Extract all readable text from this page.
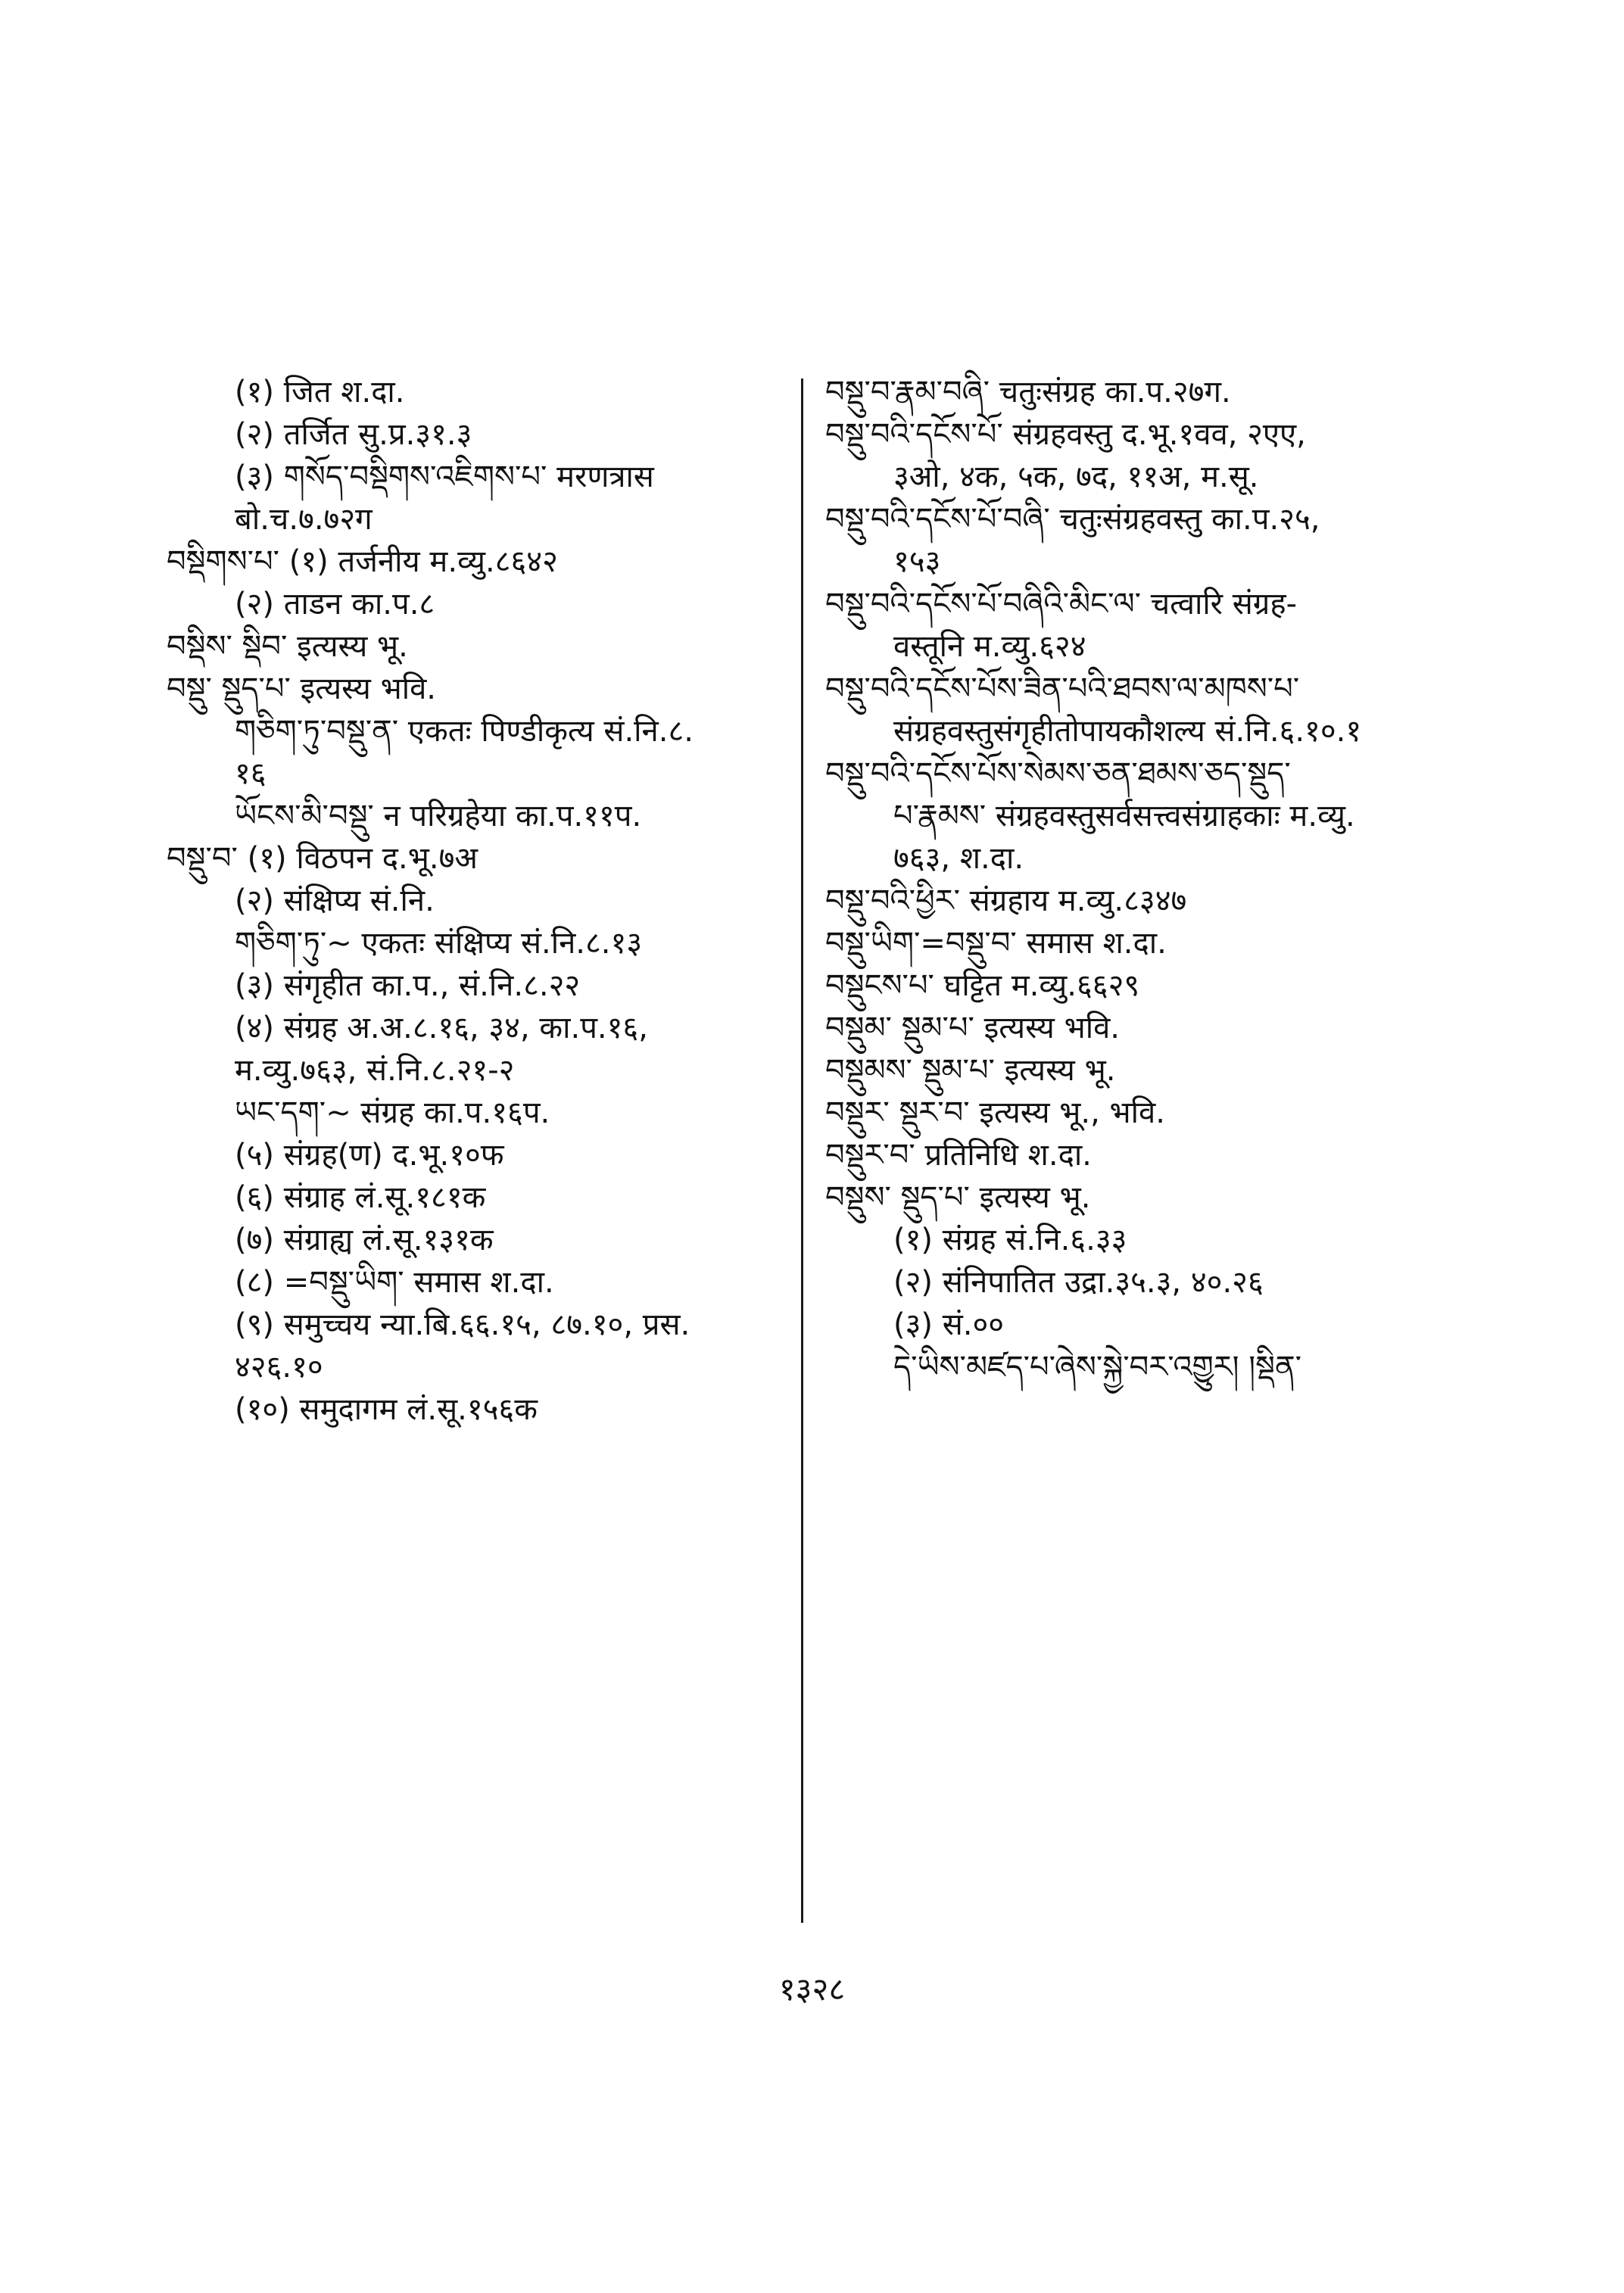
(१) जित श.दा.
(२) तर्जित सु.प्र.३१.३
(३) གསོད་བསྡིགས་འཇིགས་པ་ मरणत्रास
बो.च.७.७२ग
བསྡིགས་པ་ (१) तर्जनीय म.व्यु.८६४२
(२) ताडन का.प.८
བསྡིས་ སྡིབ་ इत्यस्य भू.
བསྡུ་ སྡུད་པ་ इत्यस्य भवि.
གཅིག་ཏུ་བསྡུ་ན་ एकतः पिण्डीकृत्य सं.नि.८.
१६
ཡོངས་མི་བསྡུ་ न परिग्रहेया का.प.११प.
བསྡུ་བ་ (१) विठपन द.भू.७अ
(२) संक्षिप्य सं.नि.
གཅིག་ཏུ་~ एकतः संक्षिप्य सं.नि.८.१३
(३) संगृहीत का.प., सं.नि.८.२२
(४) संग्रह अ.अ.८.१६, ३४, का.प.१६,
म.व्यु.७६३, सं.नि.८.२१-२
ཡང་དག་~ संग्रह का.प.१६प.
(५) संग्रह(ण) द.भू.१०फ
(६) संग्राह लं.सू.१८१क
(७) संग्राह्य लं.सू.१३१क
(८) =བསྡུ་ཡིག་ समास श.दा.
(९) समुच्चय न्या.बि.६६.१५, ८७.१०, प्रस.
४२६.१०
(१०) समुदागम लं.सू.१५६क
བསྡུ་བ་རྣམ་བཞི་ चतुःसंग्रह का.प.२७ग.
བསྡུ་བའི་དངོས་པོ་ संग्रहवस्तु द.भू.१वव, २एए,
३ओ, ४क, ५क, ७द, ११अ, म.सू.
བསྡུ་བའི་དངོས་པོ་བཞི་ चतुःसंग्रहवस्तु का.प.२५,
१५३
བསྡུ་བའི་དངོས་པོ་བཞིའི་མིང་ལ་ चत्वारि संग्रह-
वस्तूनि म.व्यु.६२४
བསྡུ་བའི་དངོས་པོས་ཟིན་པའི་ཐབས་ལ་མཁས་པ་
संग्रहवस्तुसंगृहीतोपायकौशल्य सं.नि.६.१०.१
བསྡུ་བའི་དངོས་པོས་སེམས་ཅན་ཐམས་ཅད་སྡུད་
པ་རྣམས་ संग्रहवस्तुसर्वसत्त्वसंग्राहकाः म.व्यु.
७६३, श.दा.
བསྡུ་བའི་ཕྱིར་ संग्रहाय म.व्यु.८३४७
བསྡུ་ཡིག་=བསྡུ་བ་ समास श.दा.
བསྡུངས་པ་ घट्टित म.व्यु.६६२९
བསྡུམ་ སྡུམ་པ་ इत्यस्य भवि.
བསྡུམས་ སྡུམ་པ་ इत्यस्य भू.
བསྡུར་ སྡུར་བ་ इत्यस्य भू., भवि.
བསྡུར་བ་ प्रतिनिधि श.दा.
བསྡུས་ སྡུད་པ་ इत्यस्य भू.
(१) संग्रह सं.नि.६.३३
(२) संनिपातित उद्रा.३५.३, ४०.२६
(३) सं.००
དེ་ཡིས་མཛད་པ་ཞེས་སྐྱེ་བར་འགྱུར། །སྡིན་
१३२८
